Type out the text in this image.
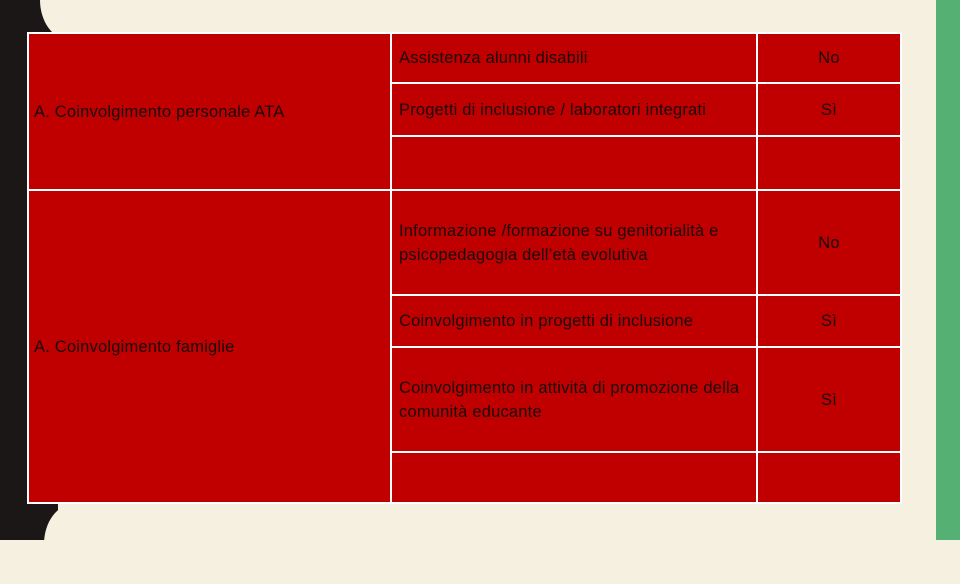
Assistenza alunni disabili
Progetti di inclusione / laboratori integrati
Informazione /formazione su genitorialità e psicopedagogia dell’età evolutiva
Coinvolgimento in progetti di inclusione
Coinvolgimento in attività di promozione della comunità educante
No
Sì
No
Sì
Sì
A. Coinvolgimento personale ATA
A. Coinvolgimento famiglie
